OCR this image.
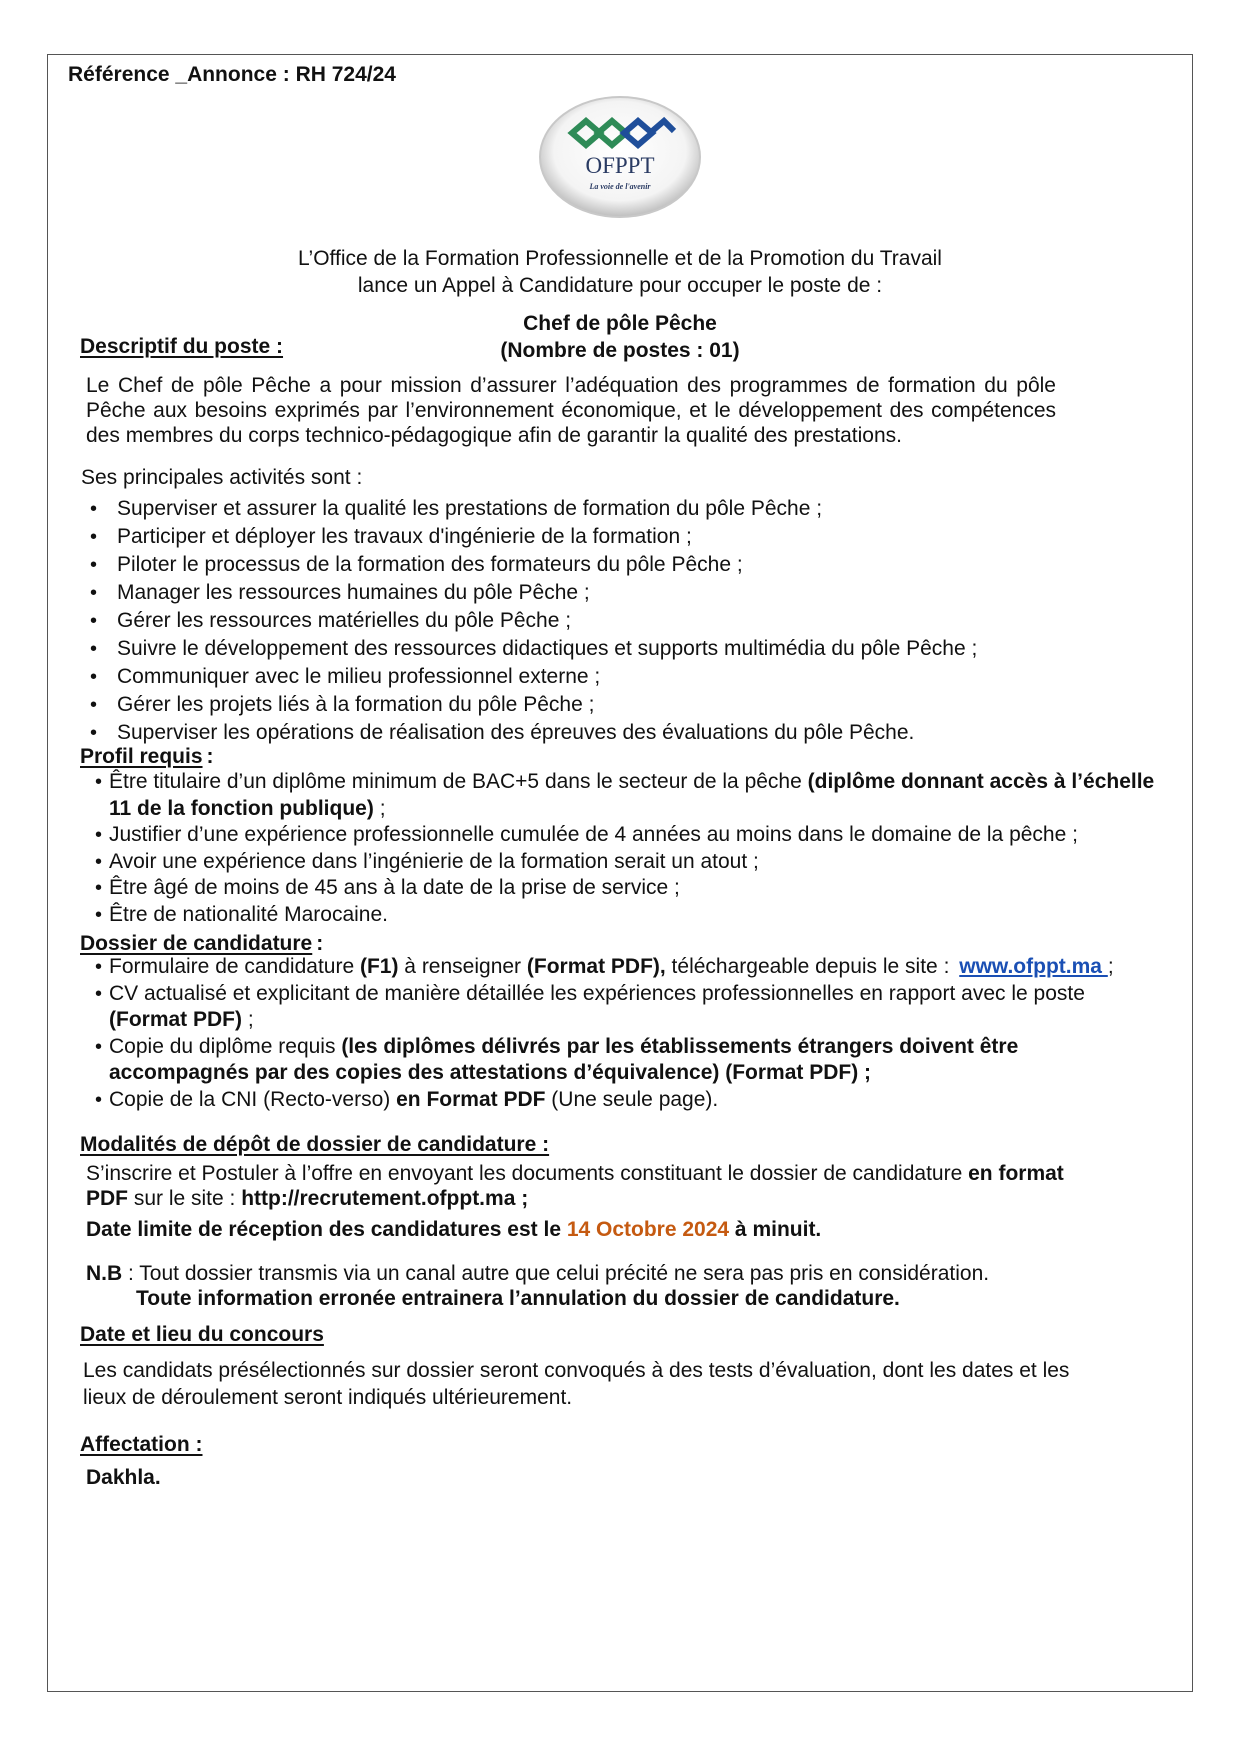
Référence _Annonce : RH 724/24
OFPPT
La voie de l'avenir
L’Office de la Formation Professionnelle et de la Promotion du Travail
lance un Appel à Candidature pour occuper le poste de :
Chef de pôle Pêche
(Nombre de postes : 01)
Descriptif du poste :
Le Chef de pôle Pêche a pour mission d’assurer l’adéquation des programmes de formation du pôle Pêche aux besoins exprimés par l’environnement économique, et le développement des compétences des membres du corps technico-pédagogique afin de garantir la qualité des prestations.
Ses principales activités sont :
• Superviser et assurer la qualité les prestations de formation du pôle Pêche ;
• Participer et déployer les travaux d'ingénierie de la formation ;
• Piloter le processus de la formation des formateurs du pôle Pêche ;
• Manager les ressources humaines du pôle Pêche ;
• Gérer les ressources matérielles du pôle Pêche ;
• Suivre le développement des ressources didactiques et supports multimédia du pôle Pêche ;
• Communiquer avec le milieu professionnel externe ;
• Gérer les projets liés à la formation du pôle Pêche ;
• Superviser les opérations de réalisation des épreuves des évaluations du pôle Pêche.
Profil requis :
• Être titulaire d’un diplôme minimum de BAC+5 dans le secteur de la pêche (diplôme donnant accès à l’échelle 11 de la fonction publique) ;
• Justifier d’une expérience professionnelle cumulée de 4 années au moins dans le domaine de la pêche ;
• Avoir une expérience dans l’ingénierie de la formation serait un atout ;
• Être âgé de moins de 45 ans à la date de la prise de service ;
• Être de nationalité Marocaine.
Dossier de candidature :
• Formulaire de candidature (F1) à renseigner (Format PDF), téléchargeable depuis le site : www.ofppt.ma ;
• CV actualisé et explicitant de manière détaillée les expériences professionnelles en rapport avec le poste (Format PDF) ;
• Copie du diplôme requis (les diplômes délivrés par les établissements étrangers doivent être accompagnés par des copies des attestations d’équivalence) (Format PDF) ;
• Copie de la CNI (Recto-verso) en Format PDF (Une seule page).
Modalités de dépôt de dossier de candidature :
S’inscrire et Postuler à l’offre en envoyant les documents constituant le dossier de candidature en format PDF sur le site : http://recrutement.ofppt.ma ;
Date limite de réception des candidatures est le 14 Octobre 2024 à minuit.
N.B : Tout dossier transmis via un canal autre que celui précité ne sera pas pris en considération.
Toute information erronée entrainera l’annulation du dossier de candidature.
Date et lieu du concours
Les candidats présélectionnés sur dossier seront convoqués à des tests d’évaluation, dont les dates et les lieux de déroulement seront indiqués ultérieurement.
Affectation :
Dakhla.
